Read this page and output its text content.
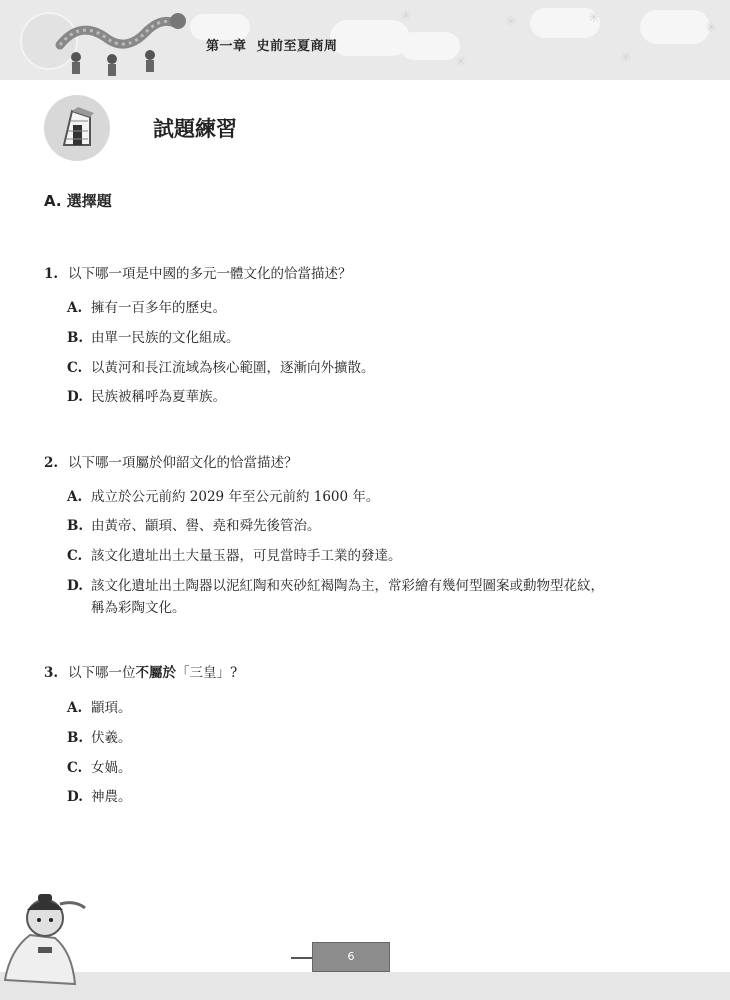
✳	✳	✳
✳
✳	✳
第一章 史前至夏商周
試題練習
A. 選擇題
1. 以下哪一項是中國的多元一體文化的恰當描述？
A. 擁有一百多年的歷史。
B. 由單一民族的文化組成。
C. 以黃河和長江流域為核心範圍，逐漸向外擴散。
D. 民族被稱呼為夏華族。
2. 以下哪一項屬於仰韶文化的恰當描述？
A. 成立於公元前約 2029 年至公元前約 1600 年。
B. 由黃帝、顓頊、嚳、堯和舜先後管治。
C. 該文化遺址出土大量玉器，可見當時手工業的發達。
D. 該文化遺址出土陶器以泥紅陶和夾砂紅褐陶為主，常彩繪有幾何型圖案或動物型花紋，
稱為彩陶文化。
3. 以下哪一位不屬於「三皇」?
A. 顓頊。
B. 伏羲。
C. 女媧。
D. 神農。
6
